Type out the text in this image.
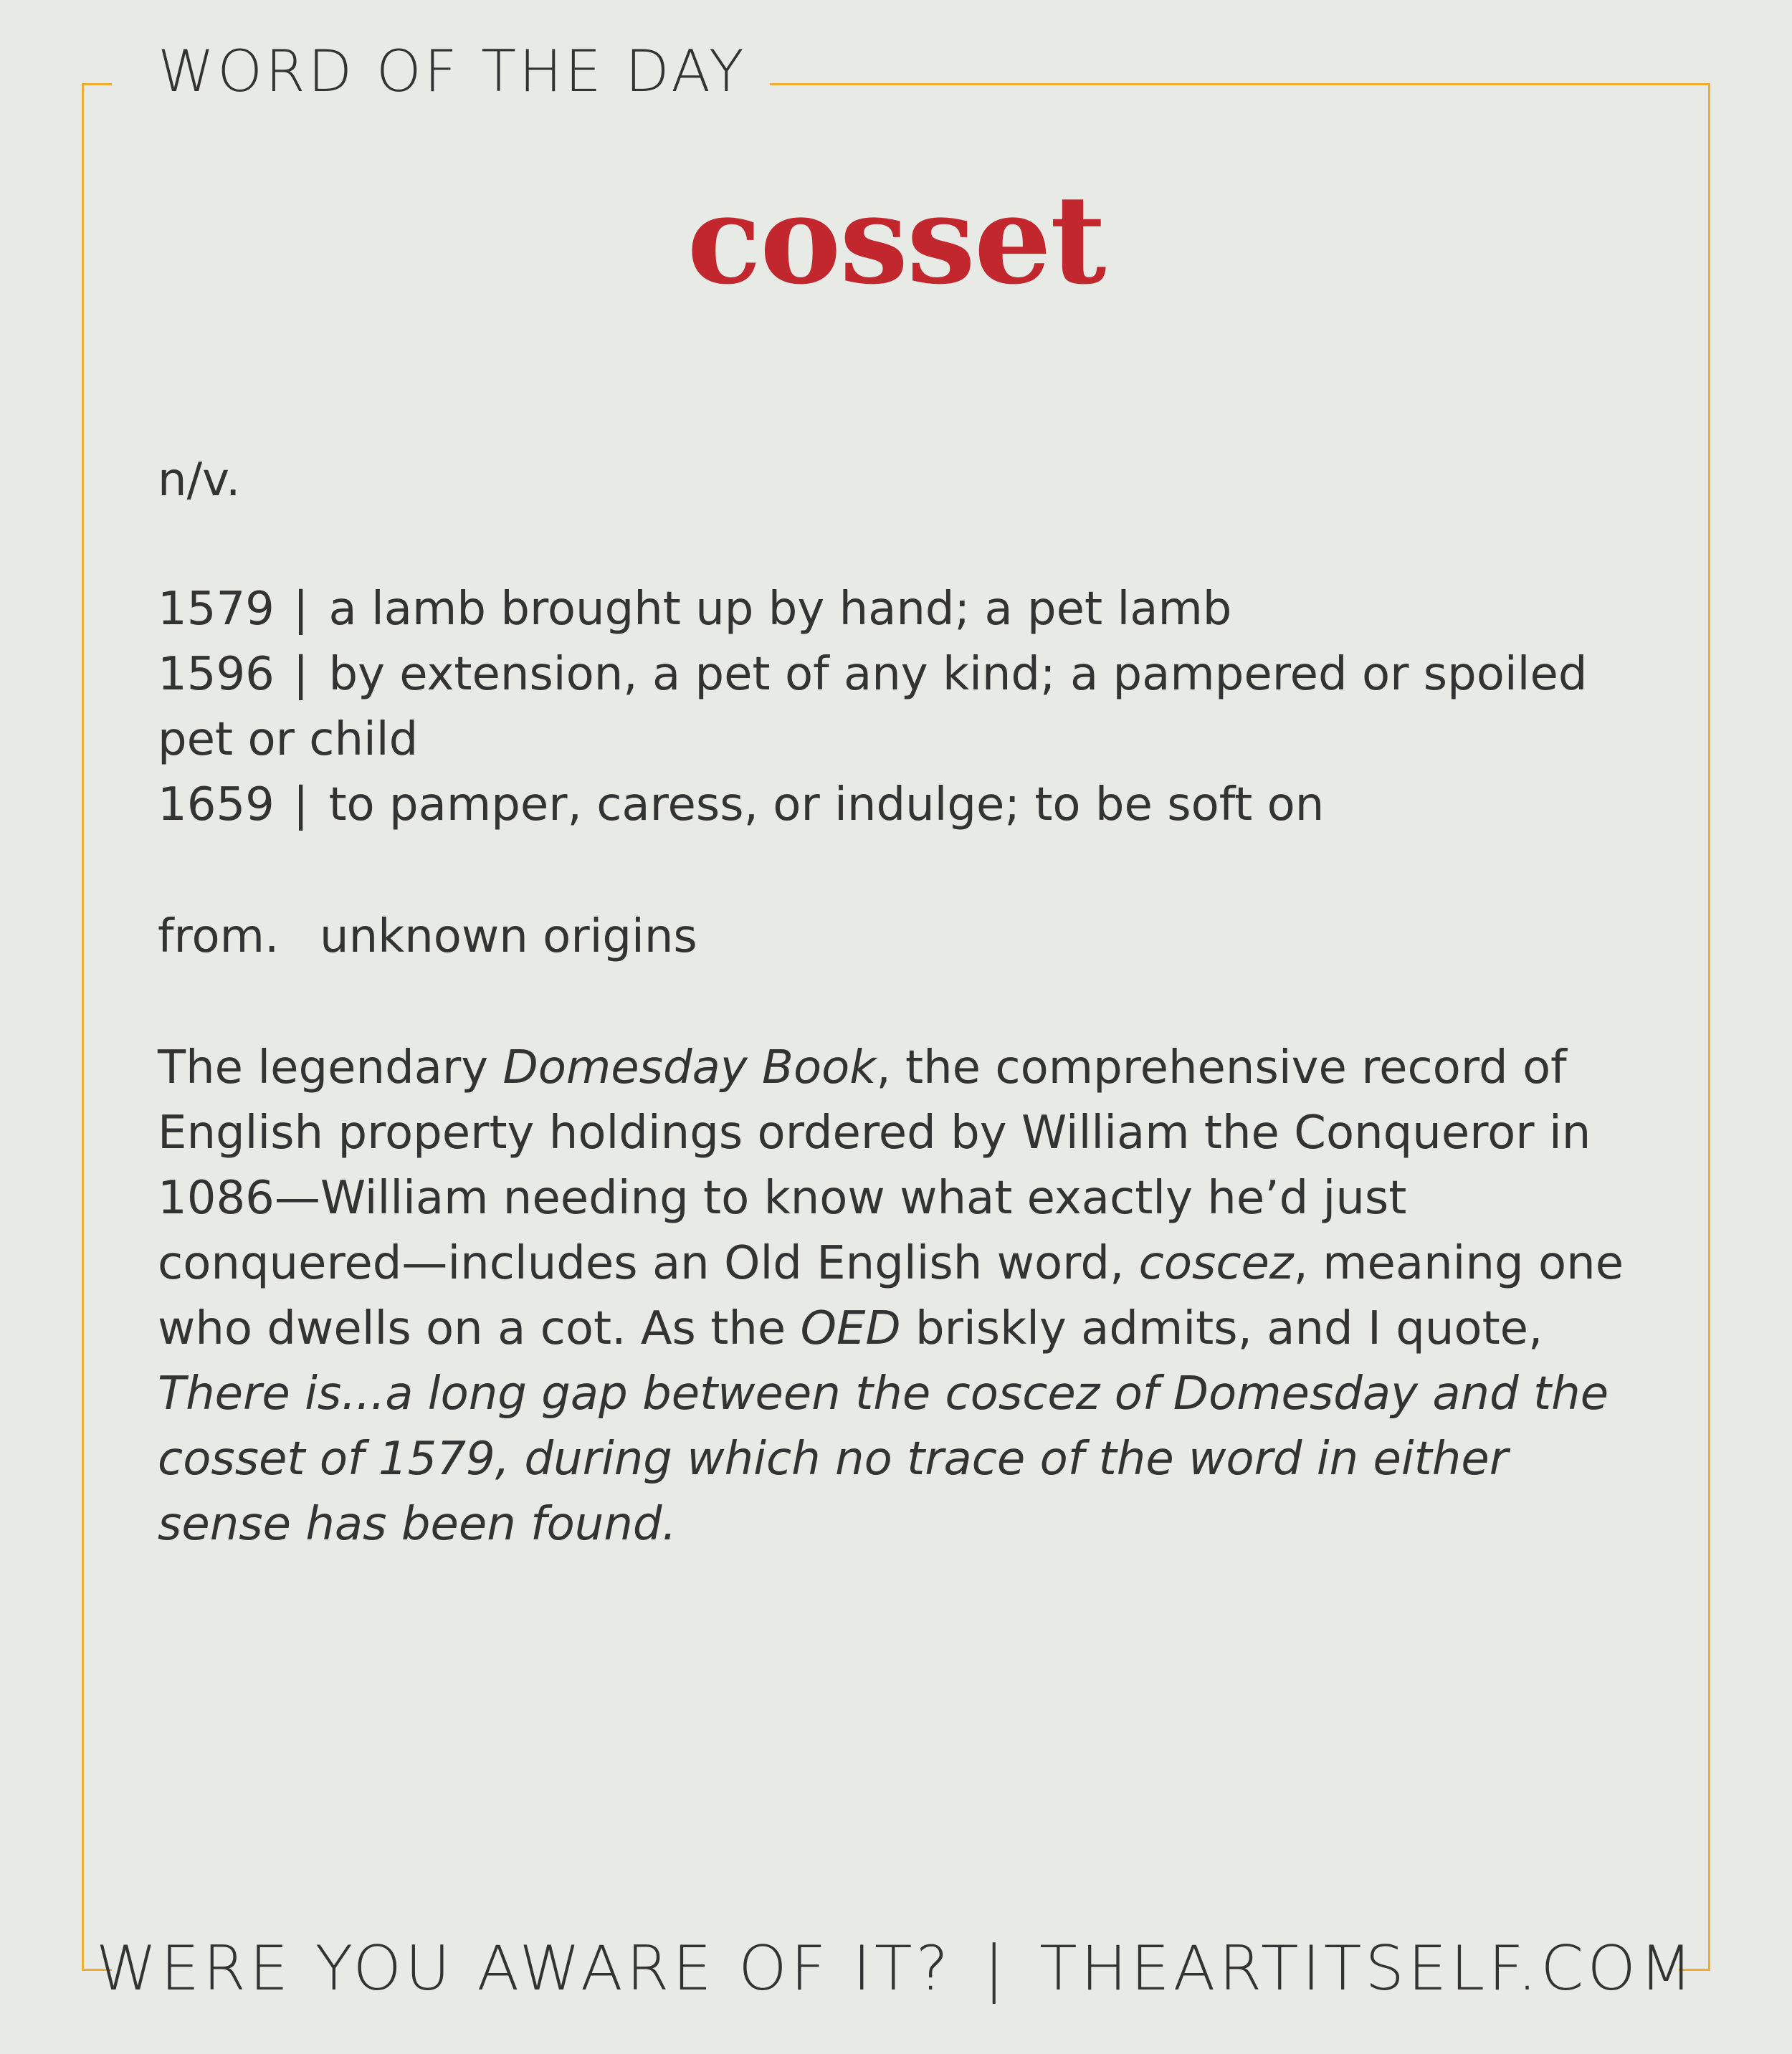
WORD OF THE DAY
cosset
n/v.
1579 | a lamb brought up by hand; a pet lamb
1596 | by extension, a pet of any kind; a pampered or spoiled
pet or child
1659 | to pamper, caress, or indulge; to be soft on
from. unknown origins
The legendary Domesday Book, the comprehensive record of English property holdings ordered by William the Conqueror in 1086—William needing to know what exactly he’d just conquered—includes an Old English word, coscez, meaning one who dwells on a cot. As the OED briskly admits, and I quote, There is...a long gap between the coscez of Domesday and the cosset of 1579, during which no trace of the word in either sense has been found.
WERE YOU AWARE OF IT? | THEARTITSELF.COM
